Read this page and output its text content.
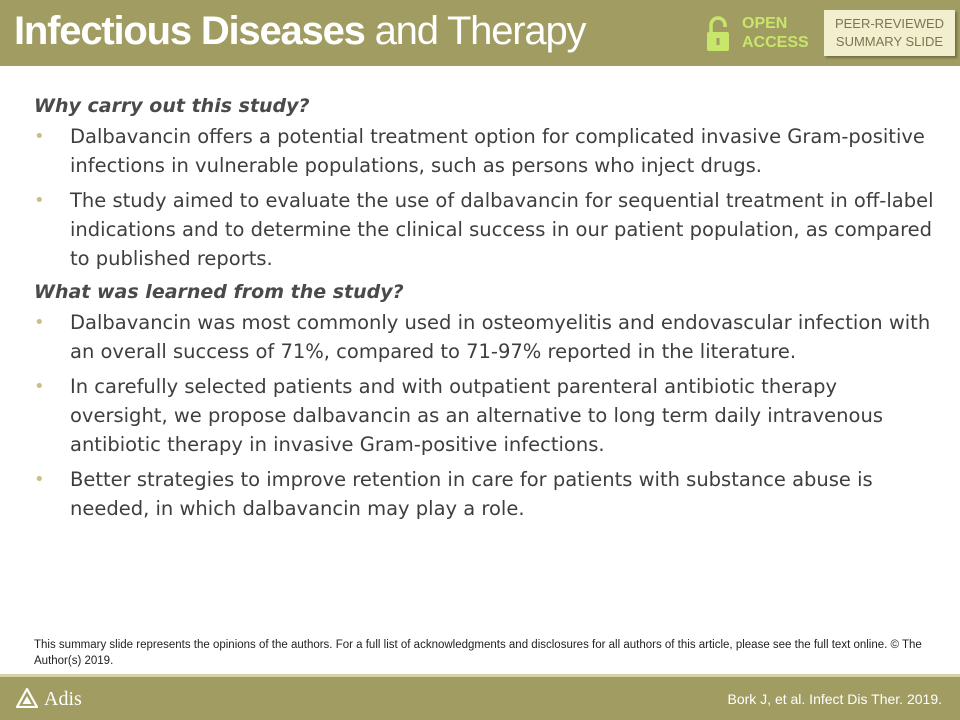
Infectious Diseases and Therapy	OPEN
ACCESS
PEER-REVIEWED
SUMMARY SLIDE
Why carry out this study?
• Dalbavancin offers a potential treatment option for complicated invasive Gram-positive infections in vulnerable populations, such as persons who inject drugs.
• The study aimed to evaluate the use of dalbavancin for sequential treatment in off-label indications and to determine the clinical success in our patient population, as compared to published reports.
What was learned from the study?
• Dalbavancin was most commonly used in osteomyelitis and endovascular infection with an overall success of 71%, compared to 71-97% reported in the literature.
• In carefully selected patients and with outpatient parenteral antibiotic therapy oversight, we propose dalbavancin as an alternative to long term daily intravenous antibiotic therapy in invasive Gram-positive infections.
• Better strategies to improve retention in care for patients with substance abuse is needed, in which dalbavancin may play a role.
This summary slide represents the opinions of the authors. For a full list of acknowledgments and disclosures for all authors of this article, please see the full text online. © The Author(s) 2019.
Adis	Bork J, et al. Infect Dis Ther. 2019.
